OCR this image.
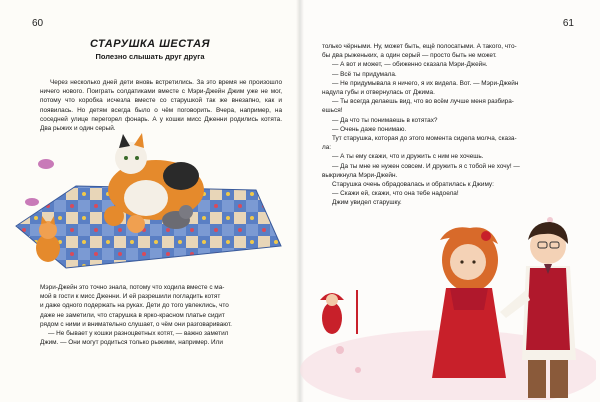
60	61
СТАРУШКА ШЕСТАЯ
Полезно слышать друг друга
Через несколько дней дети вновь встретились. За это время не произошло ничего нового. Поиграть солдатиками вместе с Мэри-Джейн Джим уже не мог, потому что коробка исчезла вместе со старушкой так же внезапно, как и появилась. Но детям всегда было о чём поговорить. Вчера, например, на соседней улице перегорел фонарь. А у кошки мисс Дженни родились котята. Два рыжих и один серый.
Мэри-Джейн это точно знала, потому что ходила вместе с ма-
мой в гости к мисс Дженни. И ей разрешили погладить котят
и даже одного подержать на руках. Дети до того увлеклись, что
даже не заметили, что старушка в ярко-красном платье сидит
рядом с ними и внимательно слушает, о чём они разговаривают.
— Не бывает у кошки разноцветных котят, — важно заметил
Джим. — Они могут родиться только рыжими, например. Или
только чёрными. Ну, может быть, ещё полосатыми. А такого, что-
бы два рыженьких, а один серый — просто быть не может.
— А вот и может, — обиженно сказала Мэри-Джейн.
— Всё ты придумала.
— Не придумывала я ничего, я их видела. Вот. — Мэри-Джейн
надула губы и отвернулась от Джима.
— Ты всегда делаешь вид, что во всём лучше меня разбира-
ешься!
— Да что ты понимаешь в котятах?
— Очень даже понимаю.
Тут старушка, которая до этого момента сидела молча, сказа-
ла:
— А ты ему скажи, что и дружить с ним не хочешь.
— Да ты мне не нужен совсем. И дружить я с тобой не хочу! —
выкрикнула Мэри-Джейн.
Старушка очень обрадовалась и обратилась к Джиму:
— Скажи ей, скажи, что она тебе надоела!
Джим увидел старушку.
